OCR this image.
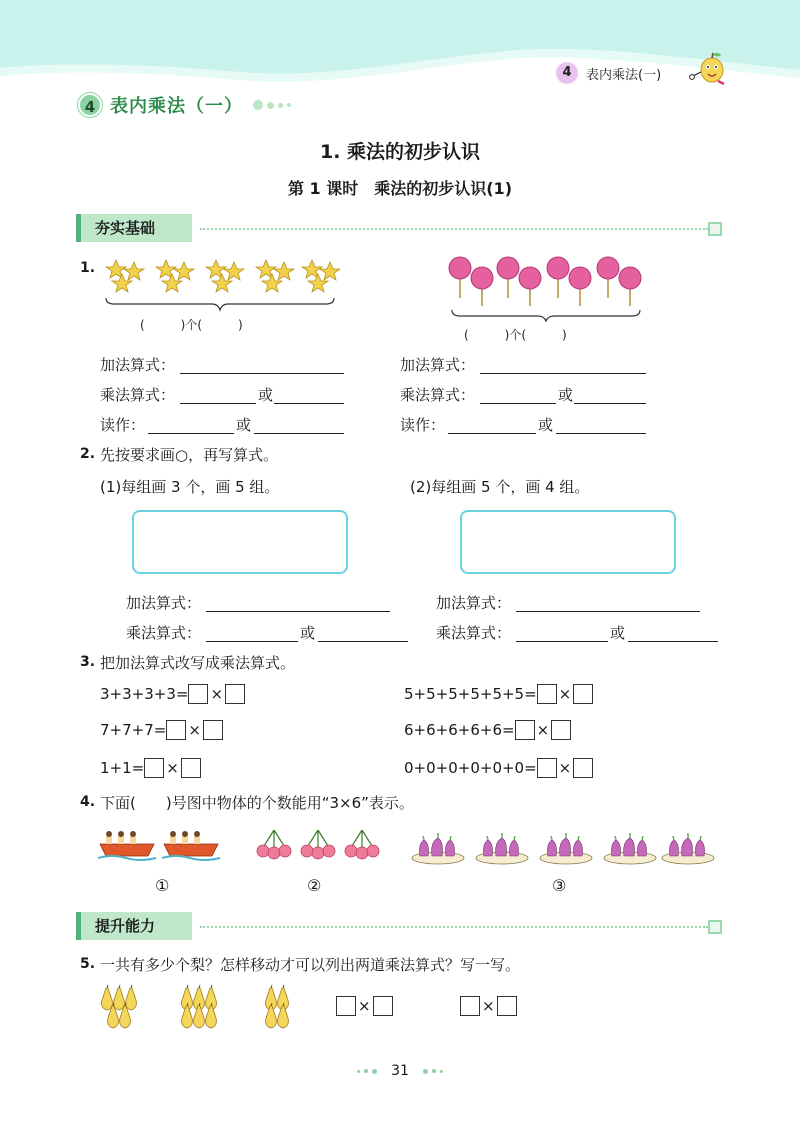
4	表内乘法(一)
4 表内乘法（一）
1. 乘法的初步认识
第 1 课时　乘法的初步认识(1)
夯实基础
1.
(　　　)个(　　　)
(　　　)个(　　　)
加法算式：
乘法算式：	或
读作：	或
加法算式：
乘法算式：	或
读作：	或
2. 先按要求画○，再写算式。
(1)每组画 3 个，画 5 组。	(2)每组画 5 个，画 4 组。
加法算式：
乘法算式：	或
加法算式：
乘法算式：	或
3. 把加法算式改写成乘法算式。
3+3+3+3= ×	5+5+5+5+5+5= ×
7+7+7= ×	6+6+6+6+6= ×
1+1= ×	0+0+0+0+0+0= ×
4. 下面(　　)号图中物体的个数能用“3×6”表示。
①	②	③
提升能力
5. 一共有多少个梨？怎样移动才可以列出两道乘法算式？写一写。
×	×
31
